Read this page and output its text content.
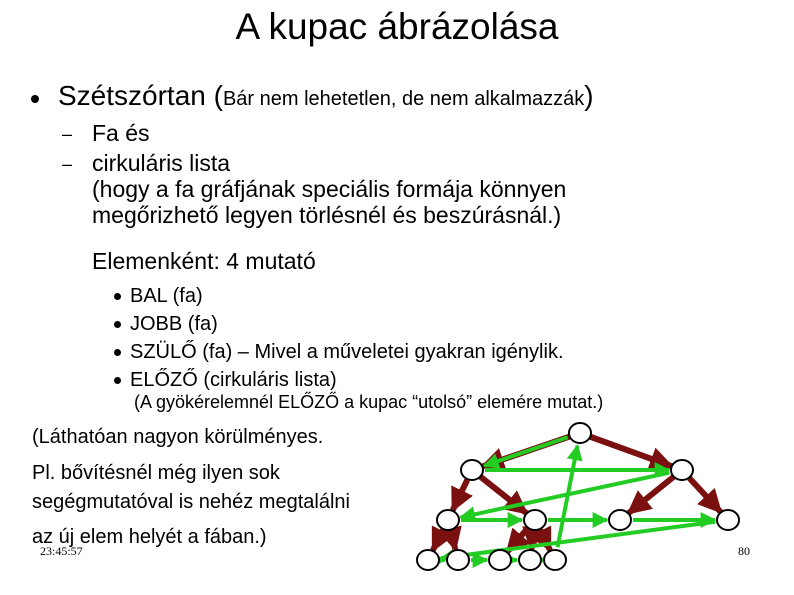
A kupac ábrázolása
Szétszórtan (Bár nem lehetetlen, de nem alkalmazzák)
– Fa és
– cirkuláris lista
(hogy a fa gráfjának speciális formája könnyen
megőrizhető legyen törlésnél és beszúrásnál.)
Elemenként: 4 mutató
BAL (fa)
JOBB (fa)
SZÜLŐ (fa) – Mivel a műveletei gyakran igénylik.
ELŐZŐ (cirkuláris lista)
(A gyökérelemnél ELŐZŐ a kupac “utolsó” elemére mutat.)
(Láthatóan nagyon körülményes.
Pl. bővítésnél még ilyen sok
segégmutatóval is nehéz megtalálni
az új elem helyét a fában.)
23:45:57	80
